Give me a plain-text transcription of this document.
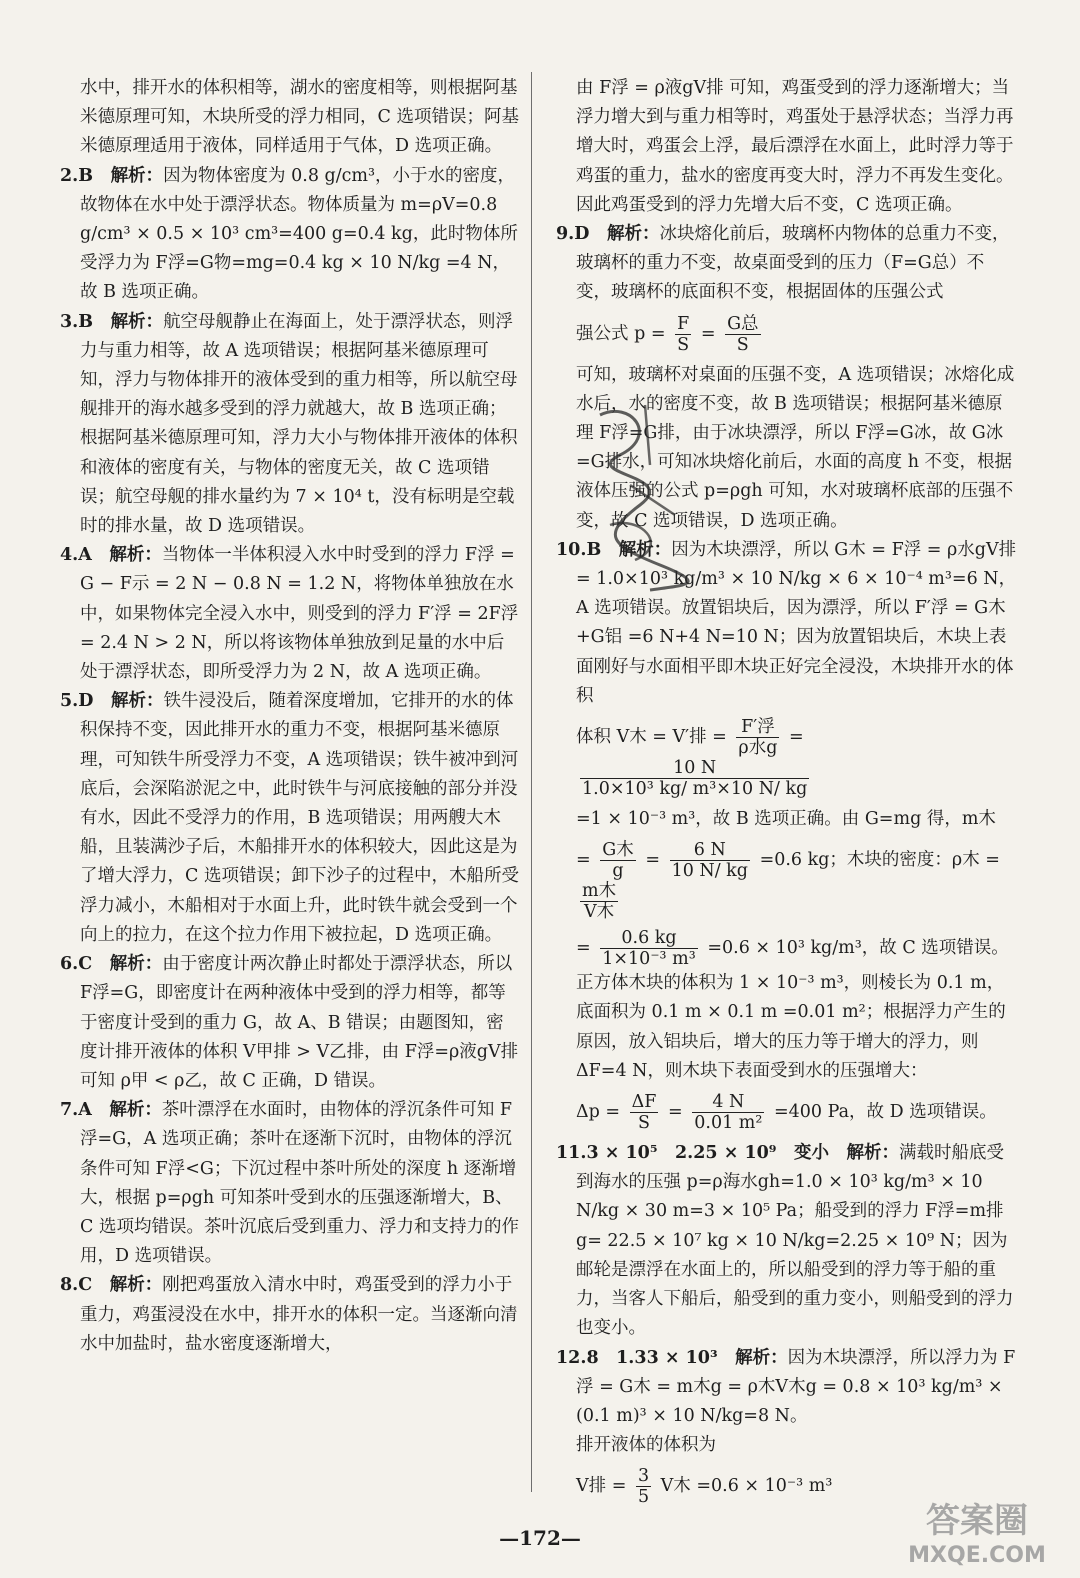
水中，排开水的体积相等，湖水的密度相等，则根据阿基米德原理可知，木块所受的浮力相同，C 选项错误；阿基米德原理适用于液体，同样适用于气体，D 选项正确。

2.B　 解析：因为物体密度为 0.8 g/cm³，小于水的密度，故物体在水中处于漂浮状态。物体质量为 m=ρV=0.8 g/cm³ × 0.5 × 10³ cm³=400 g=0.4 kg，此时物体所受浮力为 F浮=G物=mg=0.4 kg × 10 N/kg =4 N，故 B 选项正确。

3.B　 解析：航空母舰静止在海面上，处于漂浮状态，则浮力与重力相等，故 A 选项错误；根据阿基米德原理可知，浮力与物体排开的液体受到的重力相等，所以航空母舰排开的海水越多受到的浮力就越大，故 B 选项正确；根据阿基米德原理可知，浮力大小与物体排开液体的体积和液体的密度有关，与物体的密度无关，故 C 选项错误；航空母舰的排水量约为 7 × 10⁴ t，没有标明是空载时的排水量，故 D 选项错误。

4.A　 解析：当物体一半体积浸入水中时受到的浮力 F浮 = G − F示 = 2 N − 0.8 N = 1.2 N，将物体单独放在水中，如果物体完全浸入水中，则受到的浮力 F′浮 = 2F浮 = 2.4 N > 2 N，所以将该物体单独放到足量的水中后处于漂浮状态，即所受浮力为 2 N，故 A 选项正确。

5.D　 解析：铁牛浸没后，随着深度增加，它排开的水的体积保持不变，因此排开水的重力不变，根据阿基米德原理，可知铁牛所受浮力不变，A 选项错误；铁牛被冲到河底后，会深陷淤泥之中，此时铁牛与河底接触的部分并没有水，因此不受浮力的作用，B 选项错误；用两艘大木船，且装满沙子后，木船排开水的体积较大，因此这是为了增大浮力，C 选项错误；卸下沙子的过程中，木船所受浮力减小，木船相对于水面上升，此时铁牛就会受到一个向上的拉力，在这个拉力作用下被拉起，D 选项正确。

6.C　 解析：由于密度计两次静止时都处于漂浮状态，所以 F浮=G，即密度计在两种液体中受到的浮力相等，都等于密度计受到的重力 G，故 A、B 错误；由题图知，密度计排开液体的体积 V甲排 > V乙排，由 F浮=ρ液gV排 可知 ρ甲 < ρ乙，故 C 正确，D 错误。

7.A　 解析：茶叶漂浮在水面时，由物体的浮沉条件可知 F浮=G，A 选项正确；茶叶在逐渐下沉时，由物体的浮沉条件可知 F浮<G；下沉过程中茶叶所处的深度 h 逐渐增大，根据 p=ρgh 可知茶叶受到水的压强逐渐增大，B、C 选项均错误。茶叶沉底后受到重力、浮力和支持力的作用，D 选项错误。

8.C　 解析：刚把鸡蛋放入清水中时，鸡蛋受到的浮力小于重力，鸡蛋浸没在水中，排开水的体积一定。当逐渐向清水中加盐时，盐水密度逐渐增大，

由 F浮 = ρ液gV排 可知，鸡蛋受到的浮力逐渐增大；当浮力增大到与重力相等时，鸡蛋处于悬浮状态；当浮力再增大时，鸡蛋会上浮，最后漂浮在水面上，此时浮力等于鸡蛋的重力，盐水的密度再变大时，浮力不再发生变化。因此鸡蛋受到的浮力先增大后不变，C 选项正确。

9.D　 解析：冰块熔化前后，玻璃杯内物体的总重力不变，玻璃杯的重力不变，故桌面受到的压力（F=G总）不变，玻璃杯的底面积不变，根据固体的压强公式

强公式 $p = \frac{F}{S} = \frac{\text{G总}}{S}$

可知，玻璃杯对桌面的压强不变，A 选项错误；冰熔化成水后，水的密度不变，故 B 选项错误；根据阿基米德原理 F浮=G排，由于冰块漂浮，所以 F浮=G冰，故 G冰=G排水，可知冰块熔化前后，水面的高度 h 不变，根据液体压强的公式 p=ρgh 可知，水对玻璃杯底部的压强不变，故 C 选项错误，D 选项正确。

10.B　 解析：因为木块漂浮，所以 G木 = F浮 = ρ水gV排 = 1.0×10³ kg/m³ × 10 N/kg × 6 × 10⁻⁴ m³=6 N，A 选项错误。放置铝块后，因为漂浮，所以 F′浮 = G木+G铝 =6 N+4 N=10 N；因为放置铝块后，木块上表面刚好与水面相平即木块正好完全浸没，木块排开水的体积

体积 V木 = V′排 = $\frac{\text{F′浮}}{\text{ρ水g}}$ =
$\frac{10 N}{\text{1.0×10³ kg/ m³×10 N/ kg}}$

=1 × 10⁻³ m³，故 B 选项正确。由 G=mg 得，m木

= $\frac{\text{G木}}{g} = \frac{6 N}{10 N/ kg} =0.6$ kg；木块的密度：ρ木 =
$\frac{\text{m木}}{\text{V木}}$
= $\frac{0.6 kg}{\text{1×10⁻³ m³}} =0.6 \times 10^3$ kg/m³，故 C 选项错误。正方体木块的体积为 1 × 10⁻³ m³，则棱长为 0.1 m，底面积为 0.1 m × 0.1 m =0.01 m²；根据浮力产生的原因，放入铝块后，增大的压力等于增大的浮力，则 ΔF=4 N，则木块下表面受到水的压强增大：
$\Delta p = \frac{\Delta F}{S} = \frac{4 N}{\text{0.01 m²}} =400$ Pa，故 D 选项错误。

11.3 × 10⁵　2.25 × 10⁹　变小　 解析：满载时船底受到海水的压强 p=ρ海水gh=1.0 × 10³ kg/m³ × 10 N/kg × 30 m=3 × 10⁵ Pa；船受到的浮力 F浮=m排g= 22.5 × 10⁷ kg × 10 N/kg=2.25 × 10⁹ N；因为邮轮是漂浮在水面上的，所以船受到的浮力等于船的重力，当客人下船后，船受到的重力变小，则船受到的浮力也变小。

12.8　1.33 × 10³　 解析：因为木块漂浮，所以浮力为 F浮 = G木 = m木g = ρ木V木g = 0.8 × 10³ kg/m³ × (0.1 m)³ × 10 N/kg=8 N。

排开液体的体积为

V排 = $\frac{3}{5}$ V木 =0.6 × 10⁻³ m³
—172—	答案圈
MXQE.COM
